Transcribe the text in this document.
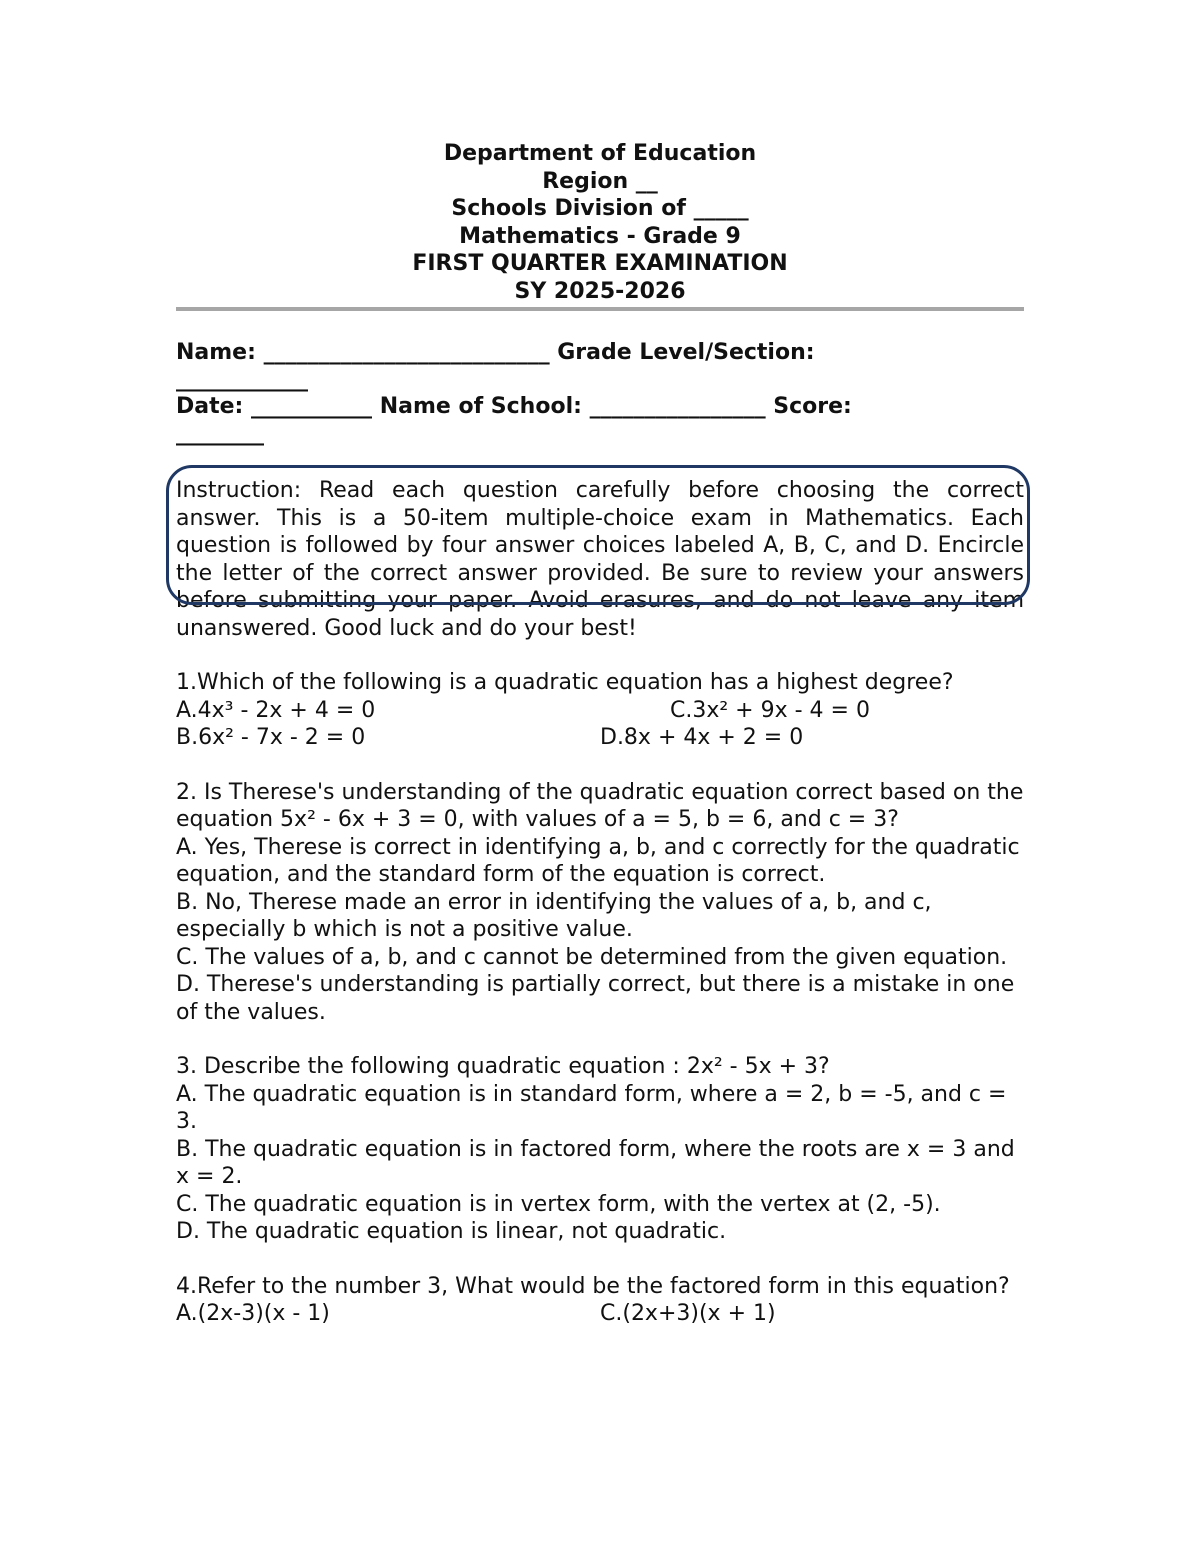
Department of Education
Region __
Schools Division of _____
Mathematics - Grade 9
FIRST QUARTER EXAMINATION
SY 2025-2026
Name: __________________________ Grade Level/Section:
____________
Date: ___________ Name of School: ________________ Score:
________
Instruction: Read each question carefully before choosing the correct answer. This is a 50-item multiple-choice exam in Mathematics. Each question is followed by four answer choices labeled A, B, C, and D. Encircle the letter of the correct answer provided. Be sure to review your answers before submitting your paper. Avoid erasures, and do not leave any item unanswered. Good luck and do your best!

1.Which of the following is a quadratic equation has a highest degree?

A.4x³ - 2x + 4 = 0	C.3x² + 9x - 4 = 0
B.6x² - 7x - 2 = 0	D.8x + 4x + 2 = 0

2. Is Therese's understanding of the quadratic equation correct based on the equation 5x² - 6x + 3 = 0, with values of a = 5, b = 6, and c = 3?

A. Yes, Therese is correct in identifying a, b, and c correctly for the quadratic equation, and the standard form of the equation is correct.

B. No, Therese made an error in identifying the values of a, b, and c, especially b which is not a positive value.

C. The values of a, b, and c cannot be determined from the given equation.

D. Therese's understanding is partially correct, but there is a mistake in one of the values.

3. Describe the following quadratic equation : 2x² - 5x + 3?

A. The quadratic equation is in standard form, where a = 2, b = -5, and c = 3.

B. The quadratic equation is in factored form, where the roots are x = 3 and x = 2.

C. The quadratic equation is in vertex form, with the vertex at (2, -5).

D. The quadratic equation is linear, not quadratic.

4.Refer to the number 3, What would be the factored form in this equation?

A.(2x-3)(x - 1)	C.(2x+3)(x + 1)
